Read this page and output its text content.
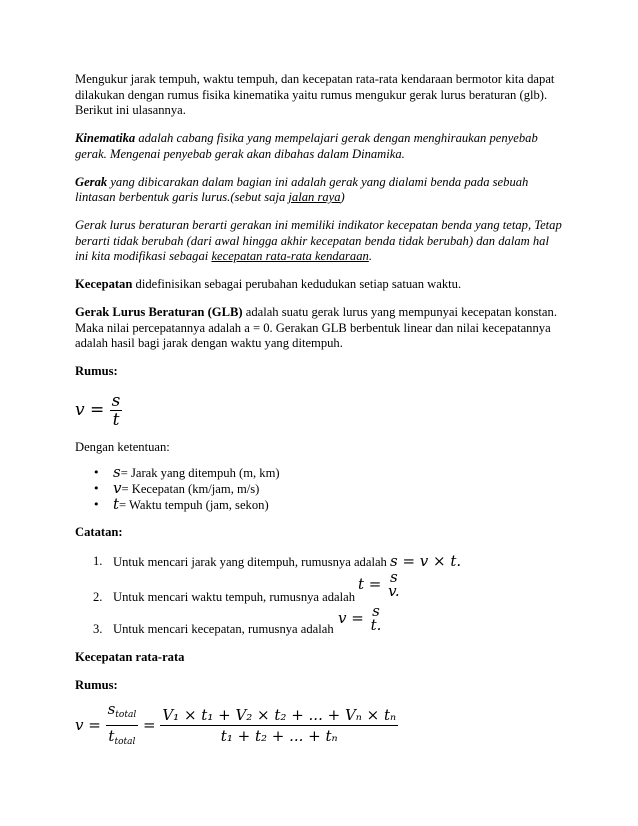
Mengukur jarak tempuh, waktu tempuh, dan kecepatan rata-rata kendaraan bermotor kita dapat dilakukan dengan rumus fisika kinematika yaitu rumus mengukur gerak lurus beraturan (glb). Berikut ini ulasannya.

Kinematika adalah cabang fisika yang mempelajari gerak dengan menghiraukan penyebab gerak. Mengenai penyebab gerak akan dibahas dalam Dinamika.

Gerak yang dibicarakan dalam bagian ini adalah gerak yang dialami benda pada sebuah lintasan berbentuk garis lurus.(sebut saja jalan raya)

Gerak lurus beraturan berarti gerakan ini memiliki indikator kecepatan benda yang tetap, Tetap berarti tidak berubah (dari awal hingga akhir kecepatan benda tidak berubah) dan dalam hal ini kita modifikasi sebagai kecepatan rata-rata kendaraan.

Kecepatan didefinisikan sebagai perubahan kedudukan setiap satuan waktu.

Gerak Lurus Beraturan (GLB) adalah suatu gerak lurus yang mempunyai kecepatan konstan. Maka nilai percepatannya adalah a = 0. Gerakan GLB berbentuk linear dan nilai kecepatannya adalah hasil bagi jarak dengan waktu yang ditempuh.

Rumus:

$v = \frac{s}{t}$

Dengan ketentuan:

• s= Jarak yang ditempuh (m, km)
• v= Kecepatan (km/jam, m/s)
• t= Waktu tempuh (jam, sekon)

Catatan:

1. Untuk mencari jarak yang ditempuh, rumusnya adalah s = v × t.
2. Untuk mencari waktu tempuh, rumusnya adalah
t = s
v.
3. Untuk mencari kecepatan, rumusnya adalah
v = s
t.

Kecepatan rata-rata

Rumus:

$v = \frac{s_{total}}{t_{total}} = \frac{\text{V₁ × t₁ + V₂ × t₂ + ... + Vₙ × tₙ}}{\text{t₁ + t₂ + ... + tₙ}}$
